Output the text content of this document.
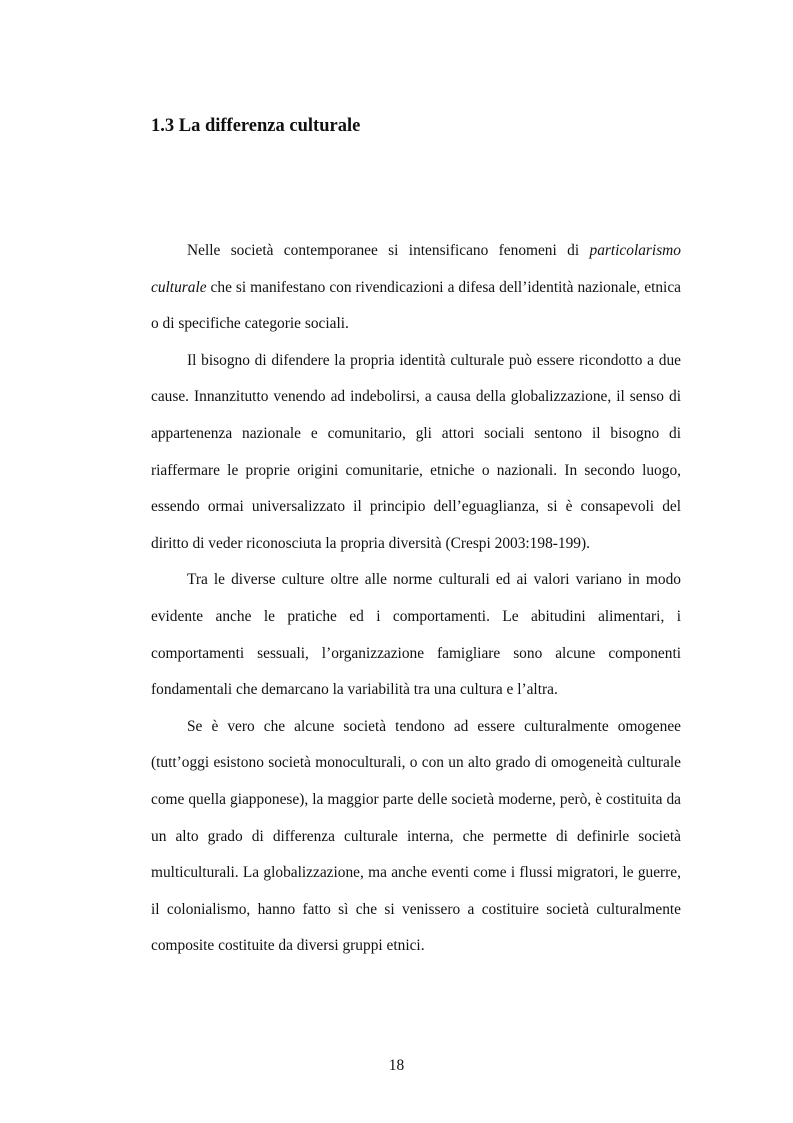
1.3 La differenza culturale

Nelle società contemporanee si intensificano fenomeni di particolarismo culturale che si manifestano con rivendicazioni a difesa dell’identità nazionale, etnica o di specifiche categorie sociali.

Il bisogno di difendere la propria identità culturale può essere ricondotto a due cause. Innanzitutto venendo ad indebolirsi, a causa della globalizzazione, il senso di appartenenza nazionale e comunitario, gli attori sociali sentono il bisogno di riaffermare le proprie origini comunitarie, etniche o nazionali. In secondo luogo, essendo ormai universalizzato il principio dell’eguaglianza, si è consapevoli del diritto di veder riconosciuta la propria diversità (Crespi 2003:198-199).

Tra le diverse culture oltre alle norme culturali ed ai valori variano in modo evidente anche le pratiche ed i comportamenti. Le abitudini alimentari, i comportamenti sessuali, l’organizzazione famigliare sono alcune componenti fondamentali che demarcano la variabilità tra una cultura e l’altra.

Se è vero che alcune società tendono ad essere culturalmente omogenee (tutt’oggi esistono società monoculturali, o con un alto grado di omogeneità culturale come quella giapponese), la maggior parte delle società moderne, però, è costituita da un alto grado di differenza culturale interna, che permette di definirle società multiculturali. La globalizzazione, ma anche eventi come i flussi migratori, le guerre, il colonialismo, hanno fatto sì che si venissero a costituire società culturalmente composite costituite da diversi gruppi etnici.

18
